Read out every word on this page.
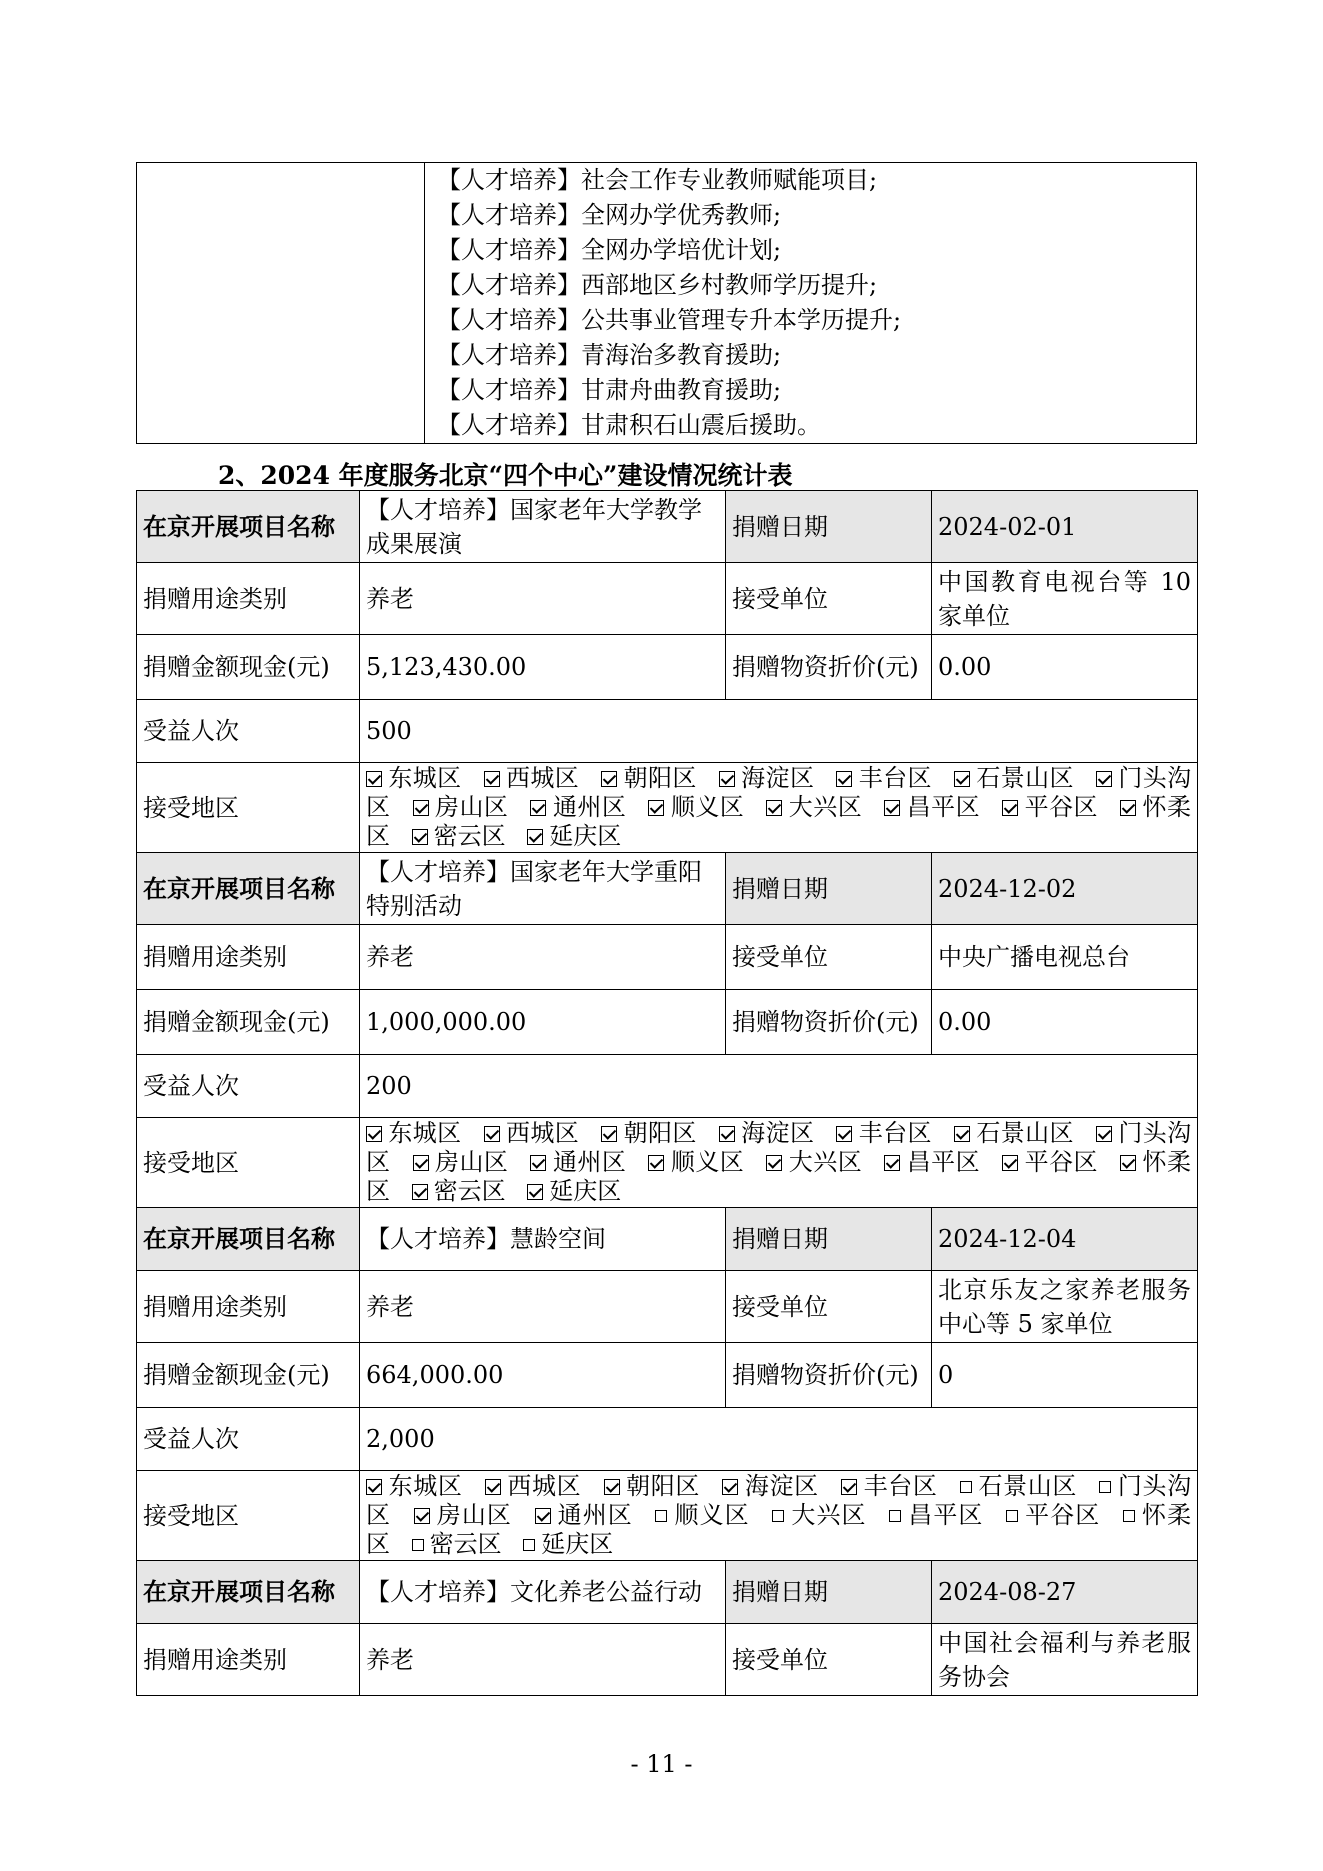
【人才培养】社会工作专业教师赋能项目;
【人才培养】全网办学优秀教师;
【人才培养】全网办学培优计划;
【人才培养】西部地区乡村教师学历提升;
【人才培养】公共事业管理专升本学历提升;
【人才培养】青海治多教育援助;
【人才培养】甘肃舟曲教育援助;
【人才培养】甘肃积石山震后援助。
2、2024 年度服务北京“四个中心”建设情况统计表
在京开展项目名称	【人才培养】国家老年大学教学成果展演	捐赠日期	2024-02-01
捐赠用途类别	养老	接受单位	中国教育电视台等 10 家单位
捐赠金额现金(元)	5,123,430.00	捐赠物资折价(元)	0.00
受益人次	500		
接受地区	东城区 西城区 朝阳区 海淀区 丰台区 石景山区 门头沟区 房山区 通州区 顺义区 大兴区 昌平区 平谷区 怀柔区 密云区 延庆区		
在京开展项目名称	【人才培养】国家老年大学重阳特别活动	捐赠日期	2024-12-02
捐赠用途类别	养老	接受单位	中央广播电视总台
捐赠金额现金(元)	1,000,000.00	捐赠物资折价(元)	0.00
受益人次	200		
接受地区	东城区 西城区 朝阳区 海淀区 丰台区 石景山区 门头沟区 房山区 通州区 顺义区 大兴区 昌平区 平谷区 怀柔区 密云区 延庆区		
在京开展项目名称	【人才培养】慧龄空间	捐赠日期	2024-12-04
捐赠用途类别	养老	接受单位	北京乐友之家养老服务中心等 5 家单位
捐赠金额现金(元)	664,000.00	捐赠物资折价(元)	0
受益人次	2,000		
接受地区	东城区 西城区 朝阳区 海淀区 丰台区 石景山区 门头沟区 房山区 通州区 顺义区 大兴区 昌平区 平谷区 怀柔区 密云区 延庆区		
在京开展项目名称	【人才培养】文化养老公益行动	捐赠日期	2024-08-27
捐赠用途类别	养老	接受单位	中国社会福利与养老服务协会
- 11 -
